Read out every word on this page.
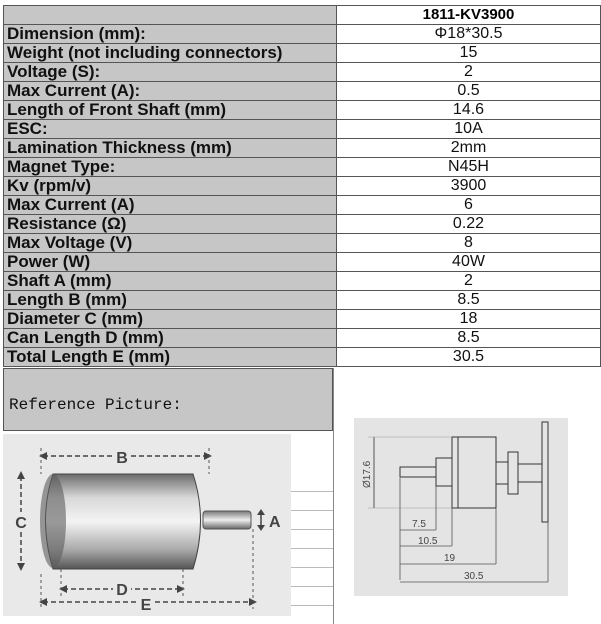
	1811-KV3900
Dimension (mm):	Φ18*30.5
Weight (not including connectors)	15
Voltage (S):	2
Max Current (A):	0.5
Length of Front Shaft (mm)	14.6
ESC:	10A
Lamination Thickness (mm)	2mm
Magnet Type:	N45H
Kv (rpm/v)	3900
Max Current (A)	6
Resistance (Ω)	0.22
Max Voltage (V)	8
Power (W)	40W
Shaft A (mm)	2
Length B (mm)	8.5
Diameter C (mm)	18
Can Length D (mm)	8.5
Total Length E (mm)	30.5
Reference Picture:
B
C	A
D
E
Ø17.6
7.5
10.5
19
30.5
